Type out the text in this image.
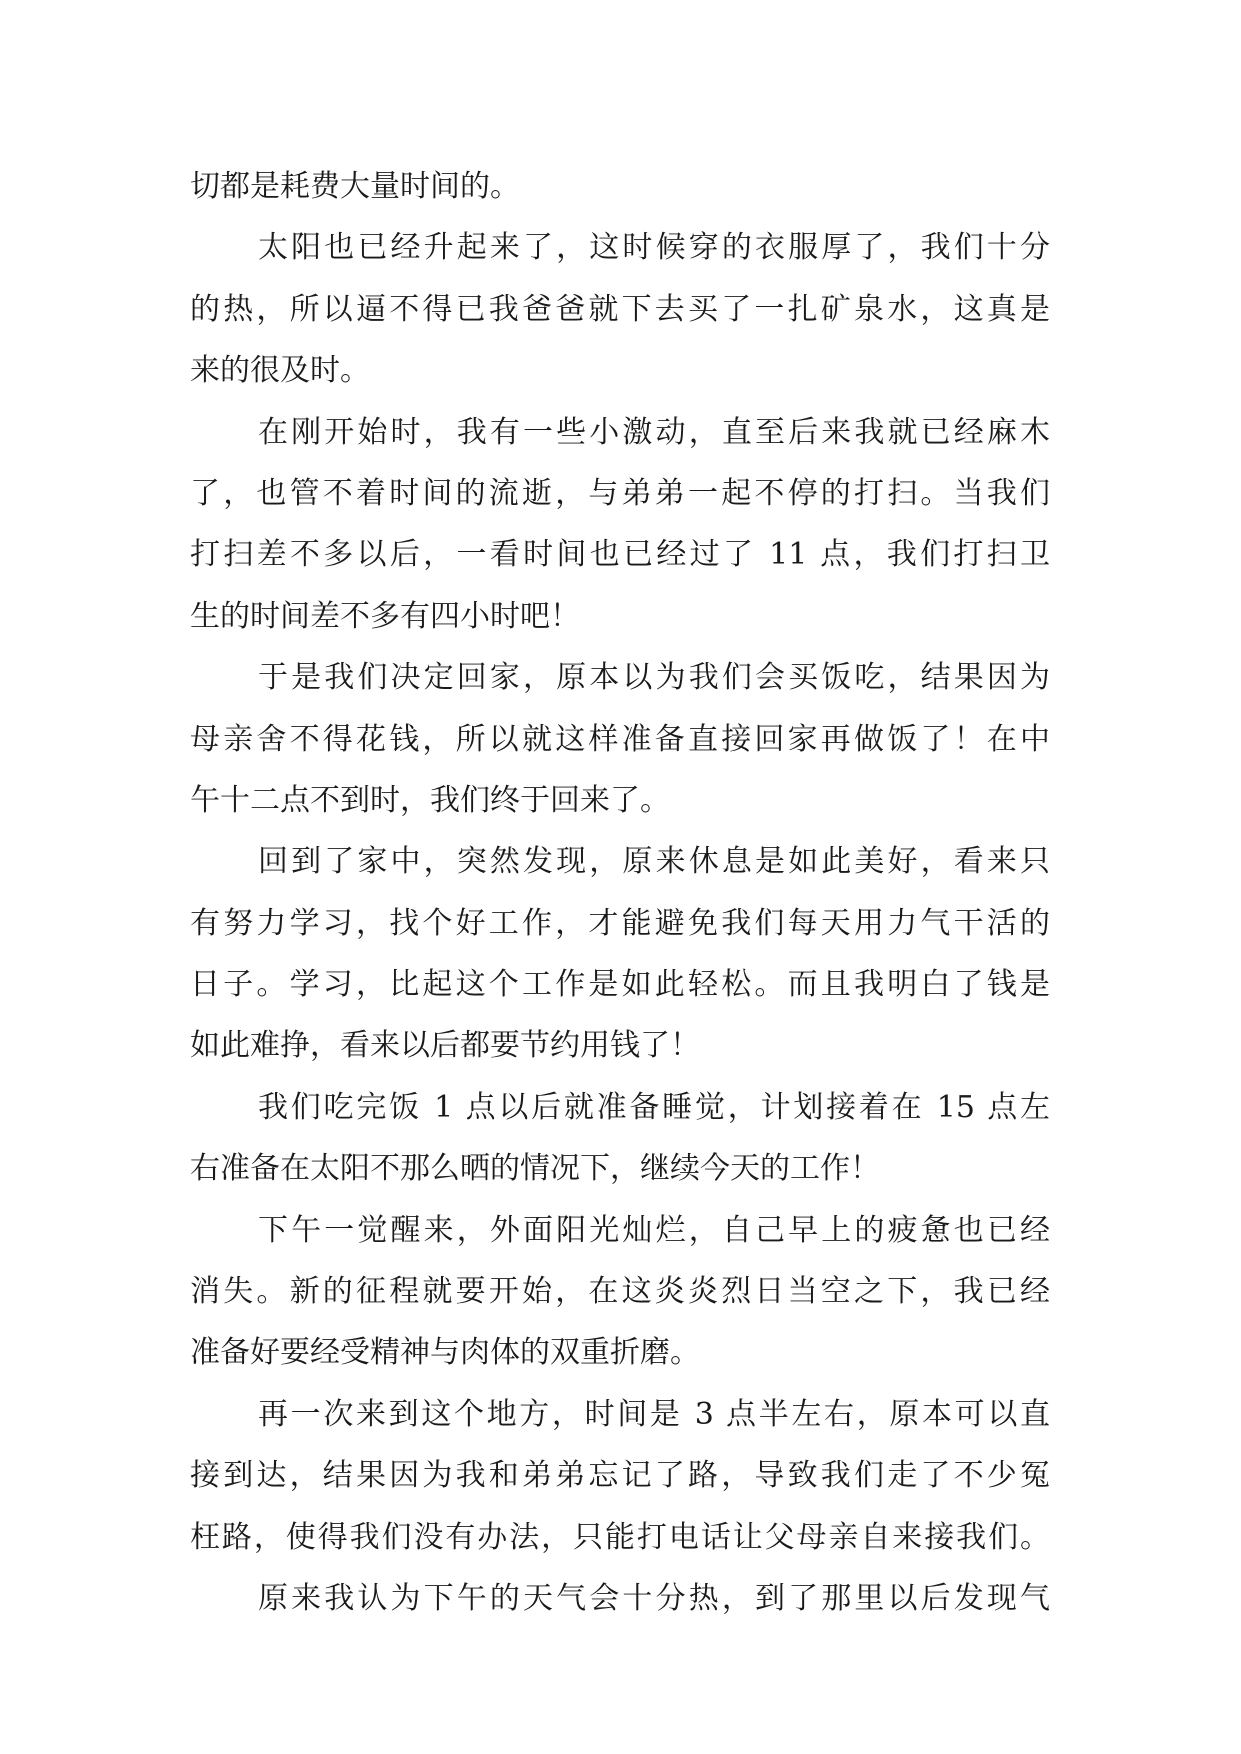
切都是耗费大量时间的。
太阳也已经升起来了，这时候穿的衣服厚了，我们十分
的热，所以逼不得已我爸爸就下去买了一扎矿泉水，这真是
来的很及时。
在刚开始时，我有一些小激动，直至后来我就已经麻木
了，也管不着时间的流逝，与弟弟一起不停的打扫。当我们
打扫差不多以后，一看时间也已经过了 11 点，我们打扫卫
生的时间差不多有四小时吧！
于是我们决定回家，原本以为我们会买饭吃，结果因为
母亲舍不得花钱，所以就这样准备直接回家再做饭了！在中
午十二点不到时，我们终于回来了。
回到了家中，突然发现，原来休息是如此美好，看来只
有努力学习，找个好工作，才能避免我们每天用力气干活的
日子。学习，比起这个工作是如此轻松。而且我明白了钱是
如此难挣，看来以后都要节约用钱了！
我们吃完饭 1 点以后就准备睡觉，计划接着在 15 点左
右准备在太阳不那么晒的情况下，继续今天的工作！
下午一觉醒来，外面阳光灿烂，自己早上的疲惫也已经
消失。新的征程就要开始，在这炎炎烈日当空之下，我已经
准备好要经受精神与肉体的双重折磨。
再一次来到这个地方，时间是 3 点半左右，原本可以直
接到达，结果因为我和弟弟忘记了路，导致我们走了不少冤
枉路，使得我们没有办法，只能打电话让父母亲自来接我们。
原来我认为下午的天气会十分热，到了那里以后发现气
